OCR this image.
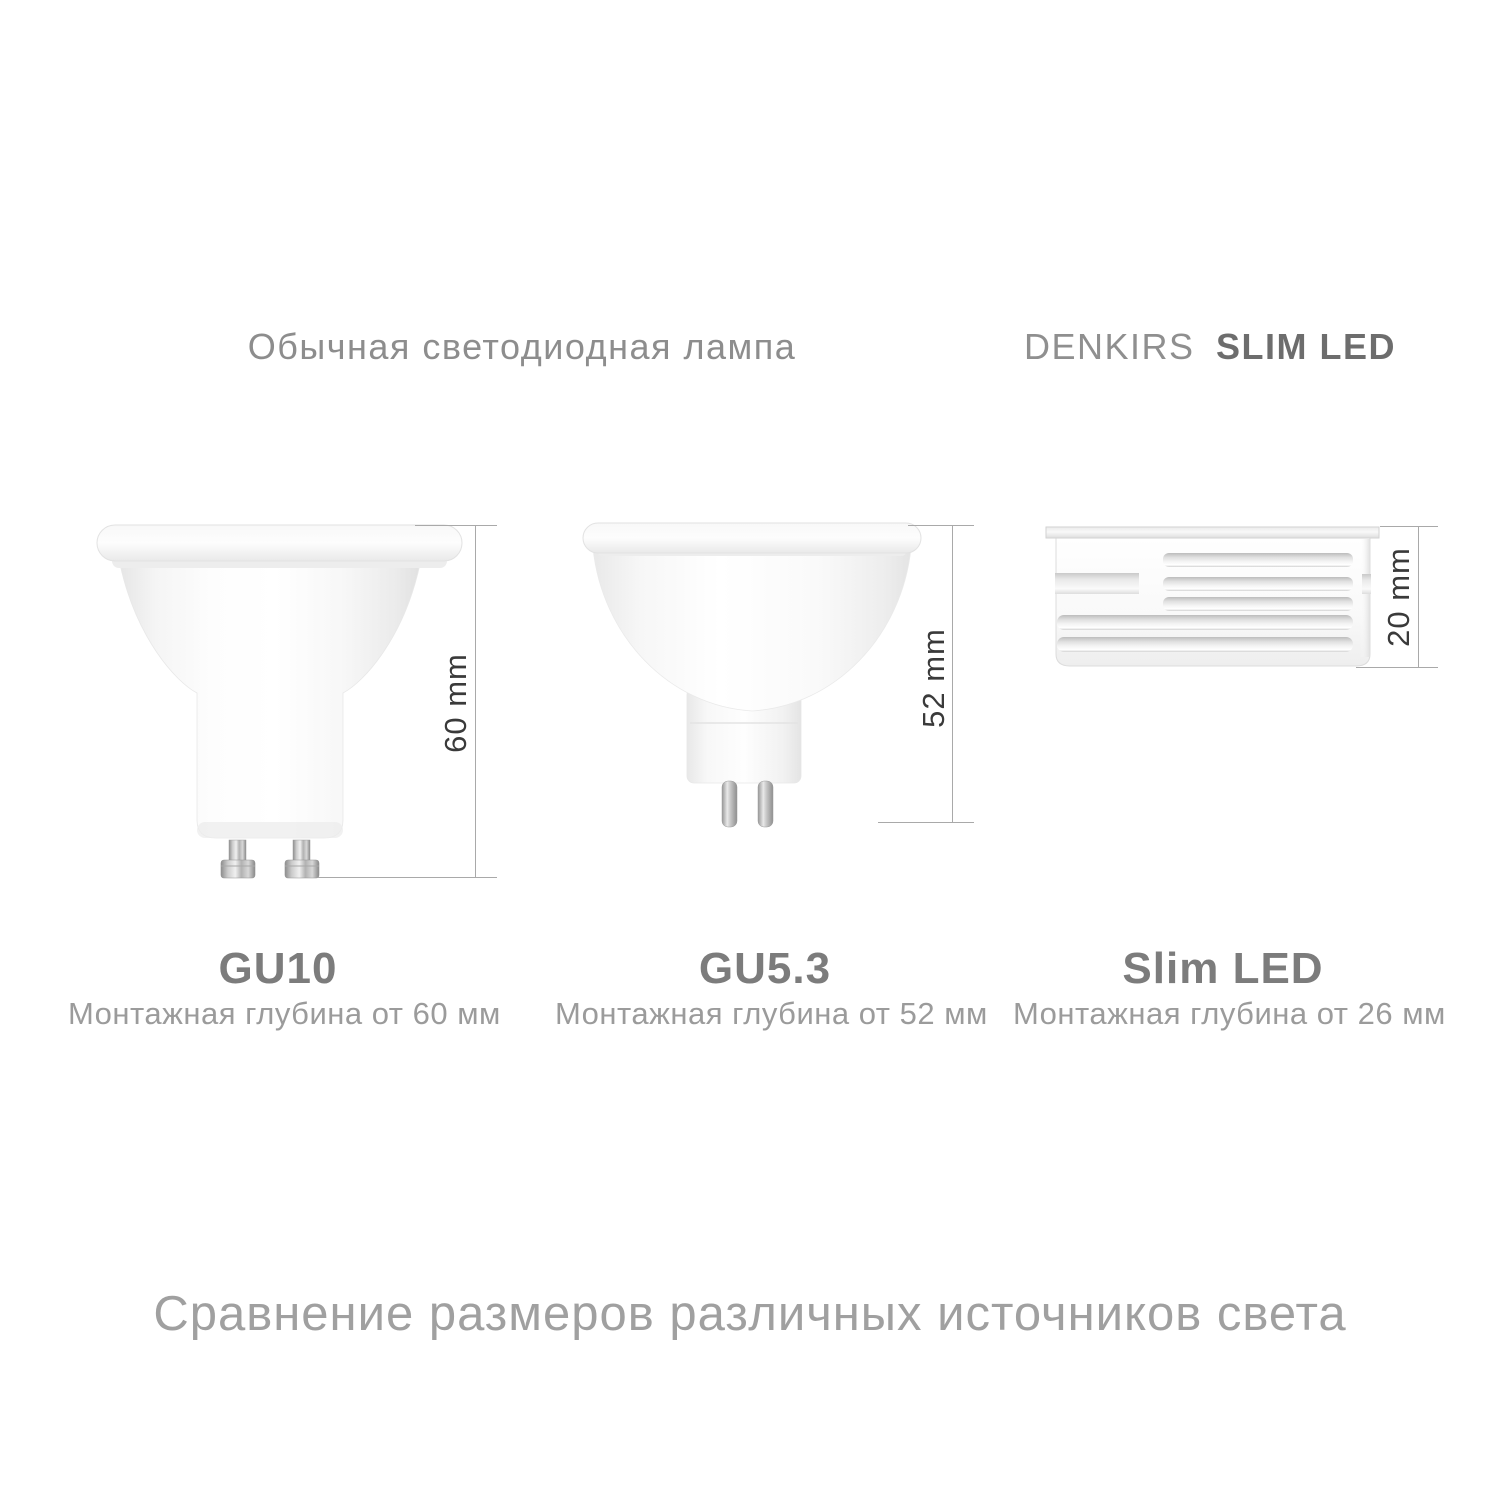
Обычная светодиодная лампа	DENKIRS SLIM LED
60 mm	52 mm
20 mm
GU10
Монтажная глубина от 60 мм
GU5.3
Монтажная глубина от 52 мм
Slim LED
Монтажная глубина от 26 мм
Сравнение размеров различных источников света
